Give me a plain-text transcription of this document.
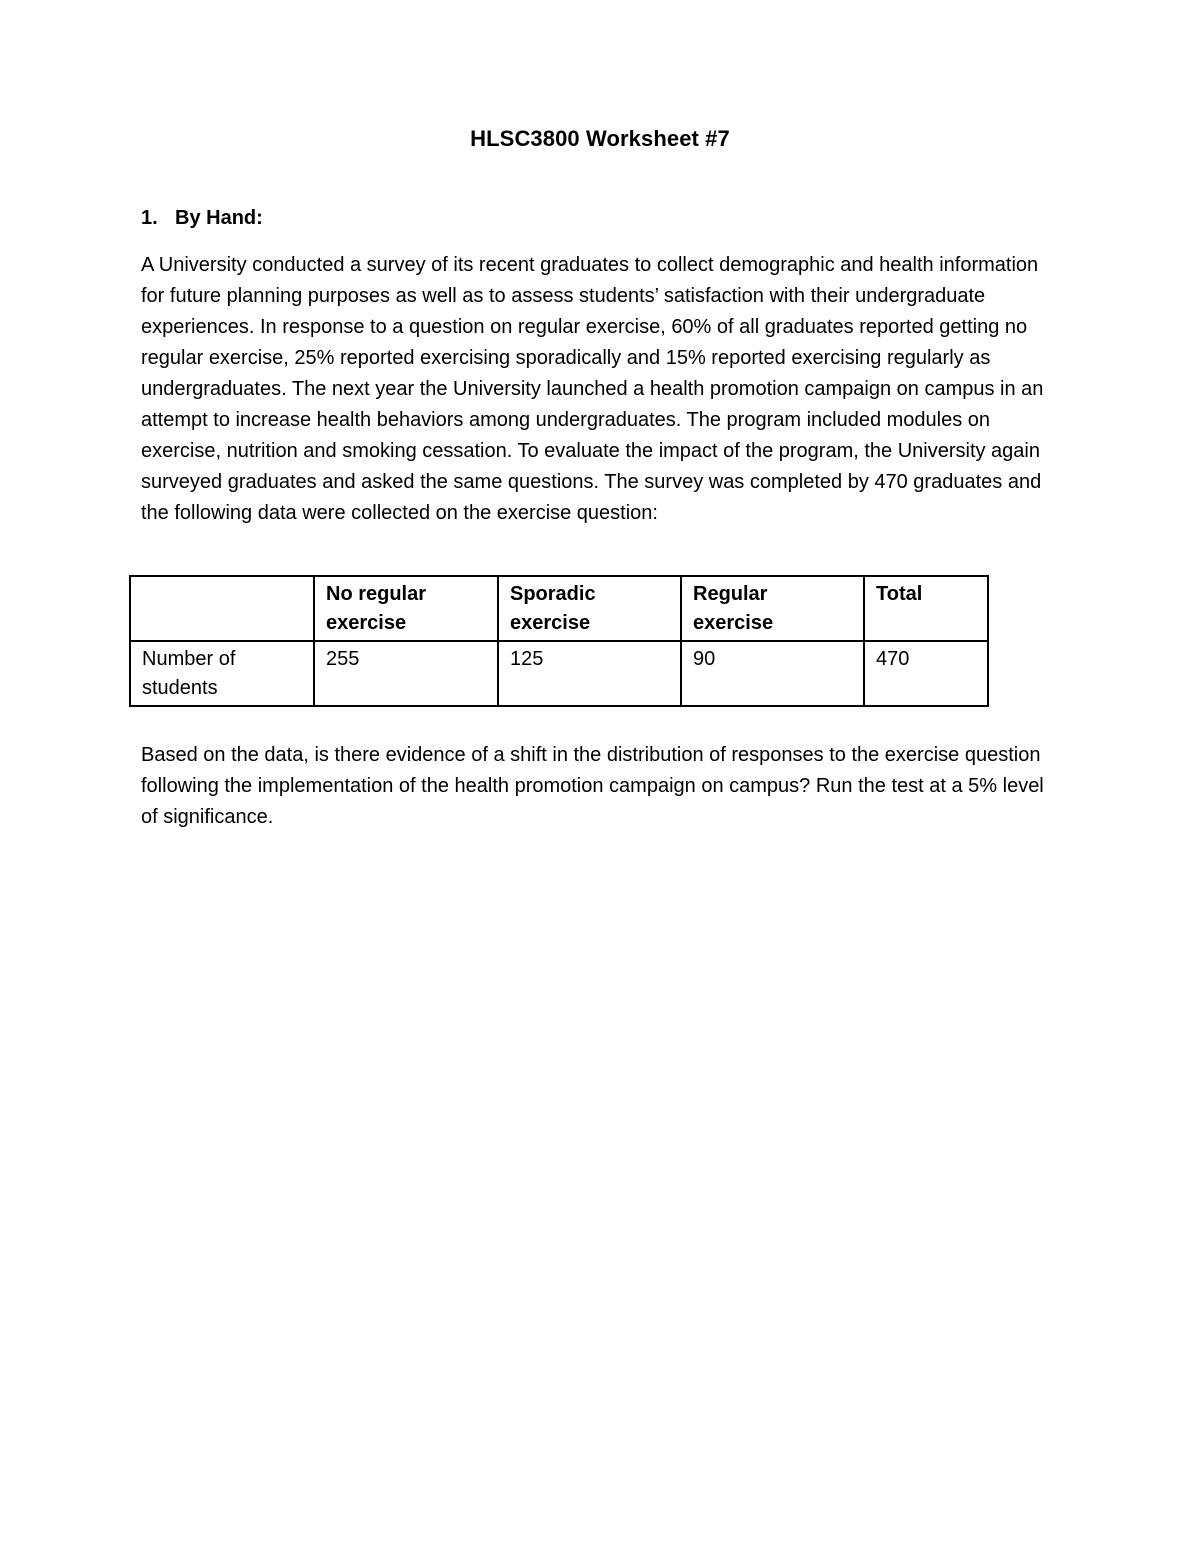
HLSC3800 Worksheet #7
1. By Hand:
A University conducted a survey of its recent graduates to collect demographic and health information for future planning purposes as well as to assess students’ satisfaction with their undergraduate experiences. In response to a question on regular exercise, 60% of all graduates reported getting no regular exercise, 25% reported exercising sporadically and 15% reported exercising regularly as undergraduates. The next year the University launched a health promotion campaign on campus in an attempt to increase health behaviors among undergraduates. The program included modules on exercise, nutrition and smoking cessation. To evaluate the impact of the program, the University again surveyed graduates and asked the same questions. The survey was completed by 470 graduates and the following data were collected on the exercise question:
	No regular exercise	Sporadic exercise	Regular exercise	Total
Number of students	255	125	90	470
Based on the data, is there evidence of a shift in the distribution of responses to the exercise question following the implementation of the health promotion campaign on campus? Run the test at a 5% level of significance.
